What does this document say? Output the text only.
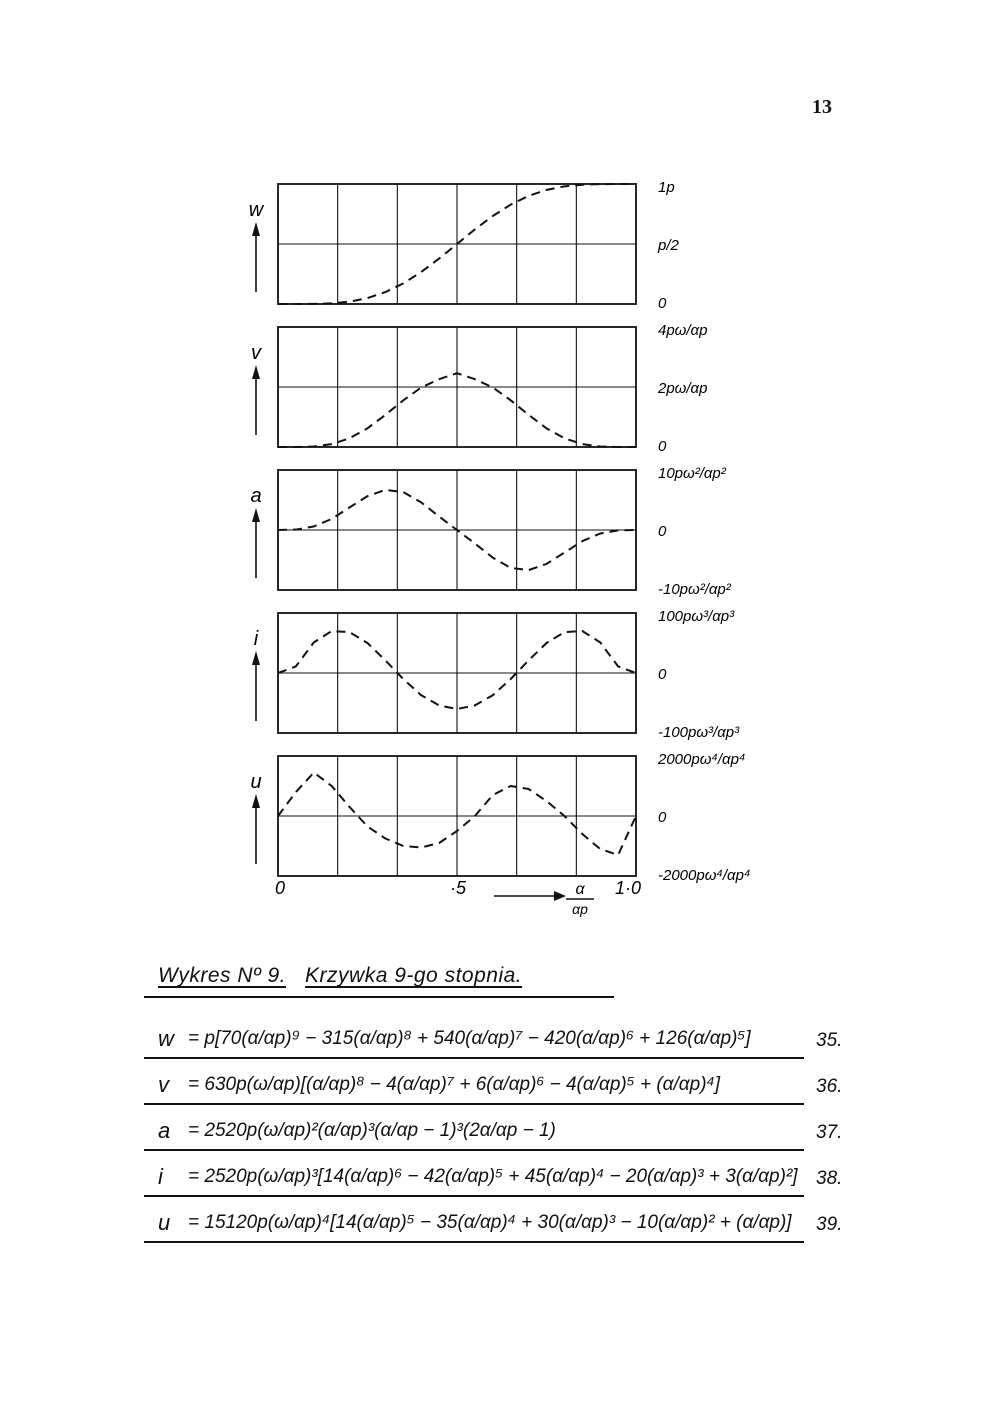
13
w
1p
p/2
0
v
4pω/αp
2pω/αp
0
a
10pω²/αp²
0
-10pω²/αp²
i
100pω³/αp³
0
-100pω³/αp³
u
2000pω⁴/αp⁴
0
-2000pω⁴/αp⁴
0	·5	1·0
α
αp
Wykres Nº 9. Krzywka 9-go stopnia.
w = p[70(α/αp)⁹ − 315(α/αp)⁸ + 540(α/αp)⁷ − 420(α/αp)⁶ + 126(α/αp)⁵]	35.
v = 630p(ω/αp)[(α/αp)⁸ − 4(α/αp)⁷ + 6(α/αp)⁶ − 4(α/αp)⁵ + (α/αp)⁴]	36.
a = 2520p(ω/αp)²(α/αp)³(α/αp − 1)³(2α/αp − 1)	37.
i = 2520p(ω/αp)³[14(α/αp)⁶ − 42(α/αp)⁵ + 45(α/αp)⁴ − 20(α/αp)³ + 3(α/αp)²] 38.
u = 15120p(ω/αp)⁴[14(α/αp)⁵ − 35(α/αp)⁴ + 30(α/αp)³ − 10(α/αp)² + (α/αp)] 39.
